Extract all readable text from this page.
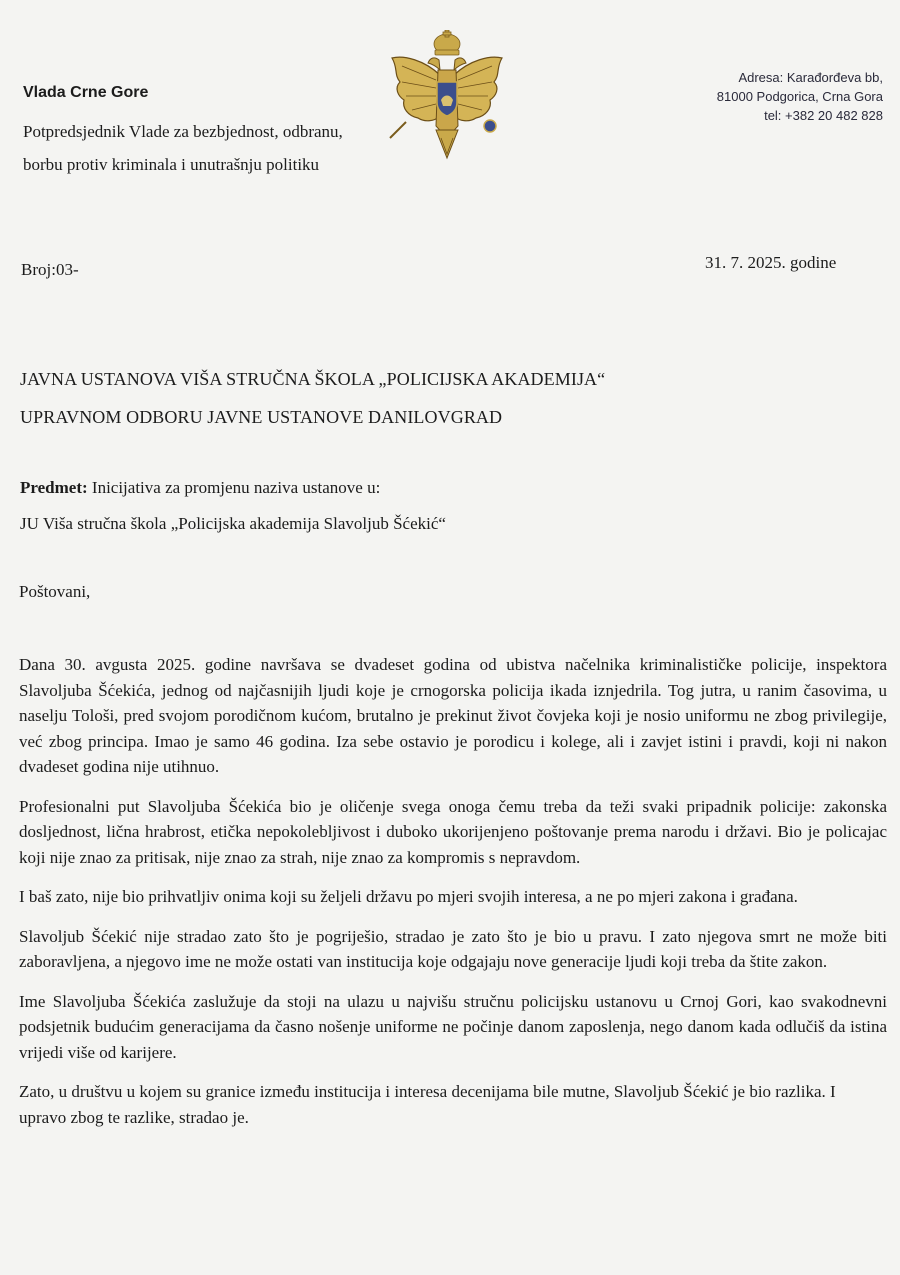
Vlada Crne Gore
Potpredsjednik Vlade za bezbjednost, odbranu,
borbu protiv kriminala i unutrašnju politiku
Adresa: Karađorđeva bb,
81000 Podgorica, Crna Gora
tel: +382 20 482 828
Broj:03-	31. 7. 2025. godine
JAVNA USTANOVA VIŠA STRUČNA ŠKOLA „POLICIJSKA AKADEMIJA“
UPRAVNOM ODBORU JAVNE USTANOVE DANILOVGRAD
Predmet: Inicijativa za promjenu naziva ustanove u:
JU Viša stručna škola „Policijska akademija Slavoljub Šćekić“
Poštovani,

Dana 30. avgusta 2025. godine navršava se dvadeset godina od ubistva načelnika kriminalističke policije, inspektora Slavoljuba Šćekića, jednog od najčasnijih ljudi koje je crnogorska policija ikada iznjedrila. Tog jutra, u ranim časovima, u naselju Tološi, pred svojom porodičnom kućom, brutalno je prekinut život čovjeka koji je nosio uniformu ne zbog privilegije, već zbog principa. Imao je samo 46 godina. Iza sebe ostavio je porodicu i kolege, ali i zavjet istini i pravdi, koji ni nakon dvadeset godina nije utihnuo.

Profesionalni put Slavoljuba Šćekića bio je oličenje svega onoga čemu treba da teži svaki pripadnik policije: zakonska dosljednost, lična hrabrost, etička nepokolebljivost i duboko ukorijenjeno poštovanje prema narodu i državi. Bio je policajac koji nije znao za pritisak, nije znao za strah, nije znao za kompromis s nepravdom.

I baš zato, nije bio prihvatljiv onima koji su željeli državu po mjeri svojih interesa, a ne po mjeri zakona i građana.

Slavoljub Šćekić nije stradao zato što je pogriješio, stradao je zato što je bio u pravu. I zato njegova smrt ne može biti zaboravljena, a njegovo ime ne može ostati van institucija koje odgajaju nove generacije ljudi koji treba da štite zakon.

Ime Slavoljuba Šćekića zaslužuje da stoji na ulazu u najvišu stručnu policijsku ustanovu u Crnoj Gori, kao svakodnevni podsjetnik budućim generacijama da časno nošenje uniforme ne počinje danom zaposlenja, nego danom kada odlučiš da istina vrijedi više od karijere.

Zato, u društvu u kojem su granice između institucija i interesa decenijama bile mutne, Slavoljub Šćekić je bio razlika. I upravo zbog te razlike, stradao je.
